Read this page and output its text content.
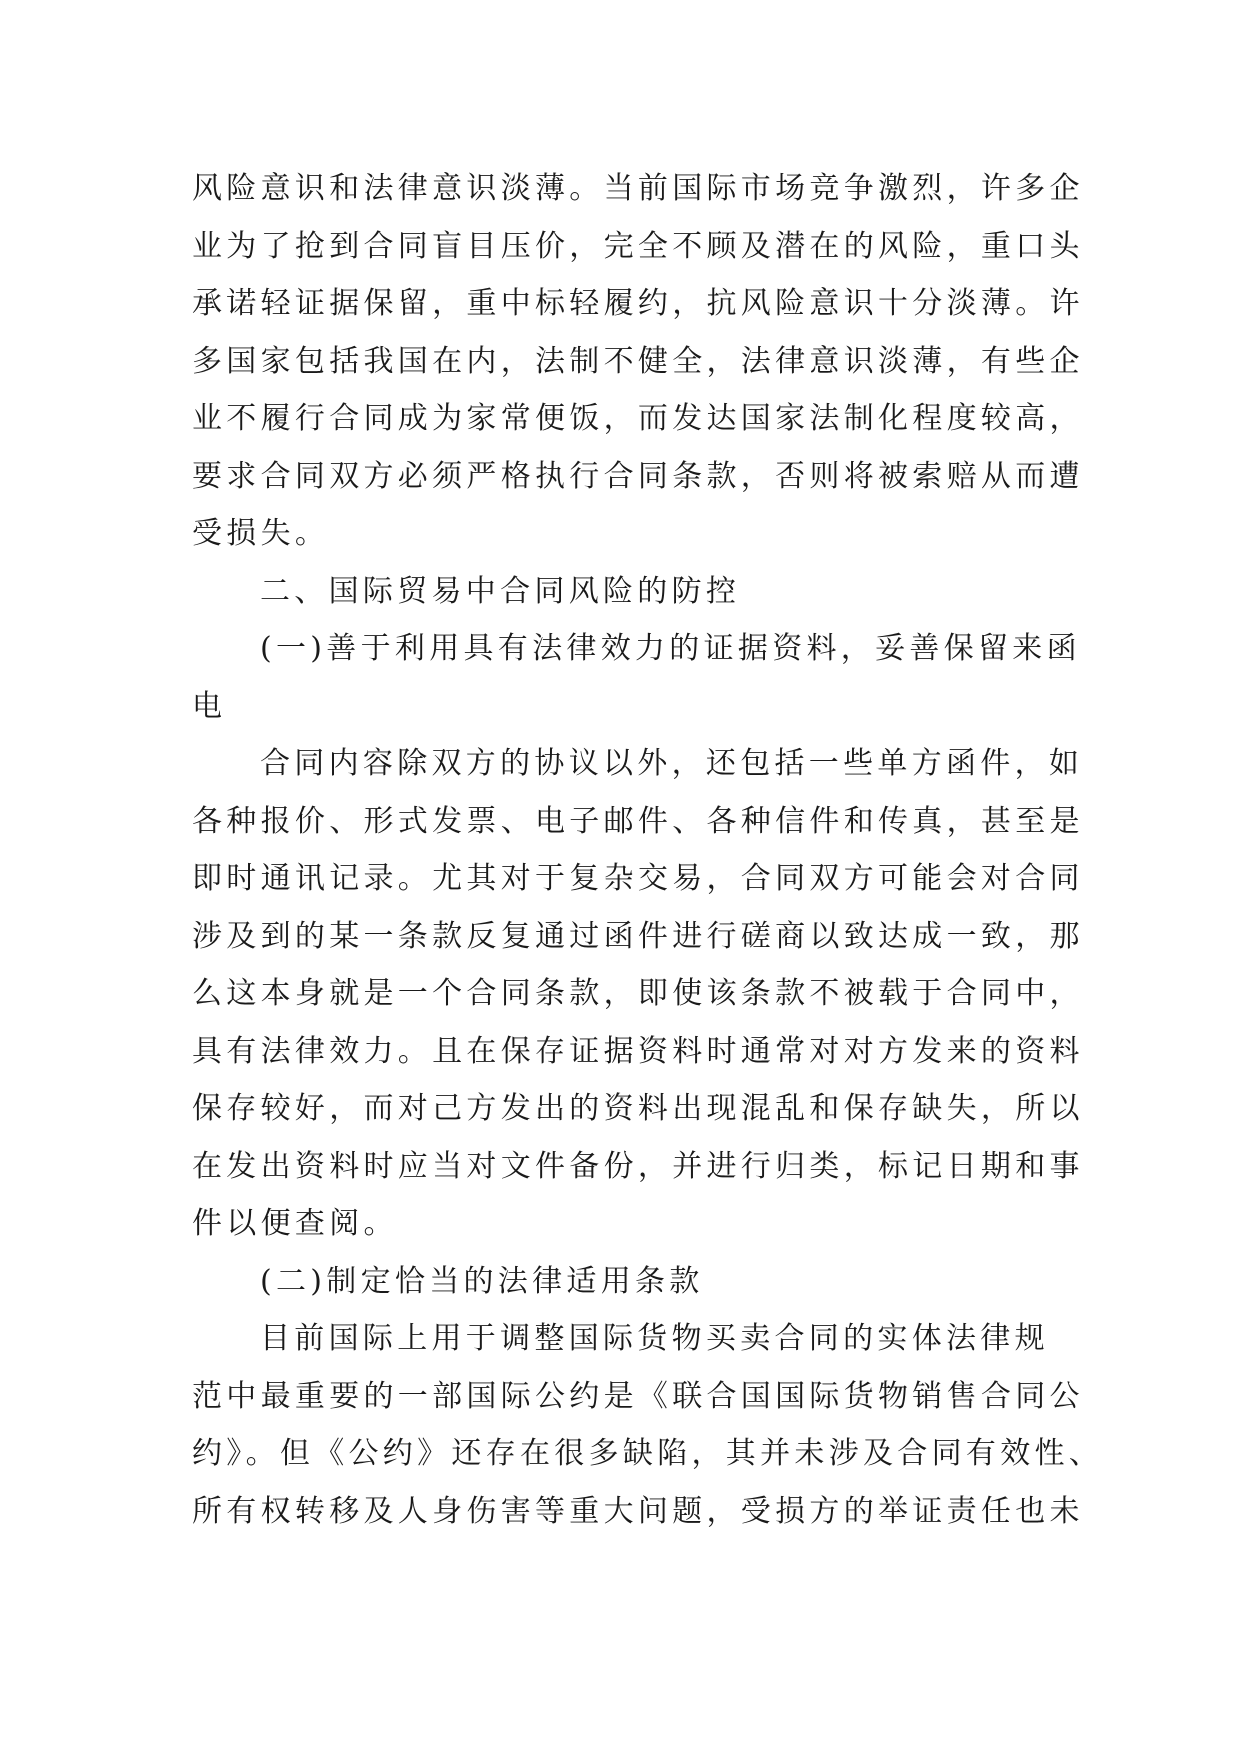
风险意识和法律意识淡薄。当前国际市场竞争激烈，许多企
业为了抢到合同盲目压价，完全不顾及潜在的风险，重口头
承诺轻证据保留，重中标轻履约，抗风险意识十分淡薄。许
多国家包括我国在内，法制不健全，法律意识淡薄，有些企
业不履行合同成为家常便饭，而发达国家法制化程度较高，
要求合同双方必须严格执行合同条款，否则将被索赔从而遭
受损失。
二、国际贸易中合同风险的防控
(一)善于利用具有法律效力的证据资料，妥善保留来函
电
合同内容除双方的协议以外，还包括一些单方函件，如
各种报价、形式发票、电子邮件、各种信件和传真，甚至是
即时通讯记录。尤其对于复杂交易，合同双方可能会对合同
涉及到的某一条款反复通过函件进行磋商以致达成一致，那
么这本身就是一个合同条款，即使该条款不被载于合同中，
具有法律效力。且在保存证据资料时通常对对方发来的资料
保存较好，而对己方发出的资料出现混乱和保存缺失，所以
在发出资料时应当对文件备份，并进行归类，标记日期和事
件以便查阅。
(二)制定恰当的法律适用条款
目前国际上用于调整国际货物买卖合同的实体法律规
范中最重要的一部国际公约是《联合国国际货物销售合同公
约》。但《公约》还存在很多缺陷，其并未涉及合同有效性、
所有权转移及人身伤害等重大问题，受损方的举证责任也未
